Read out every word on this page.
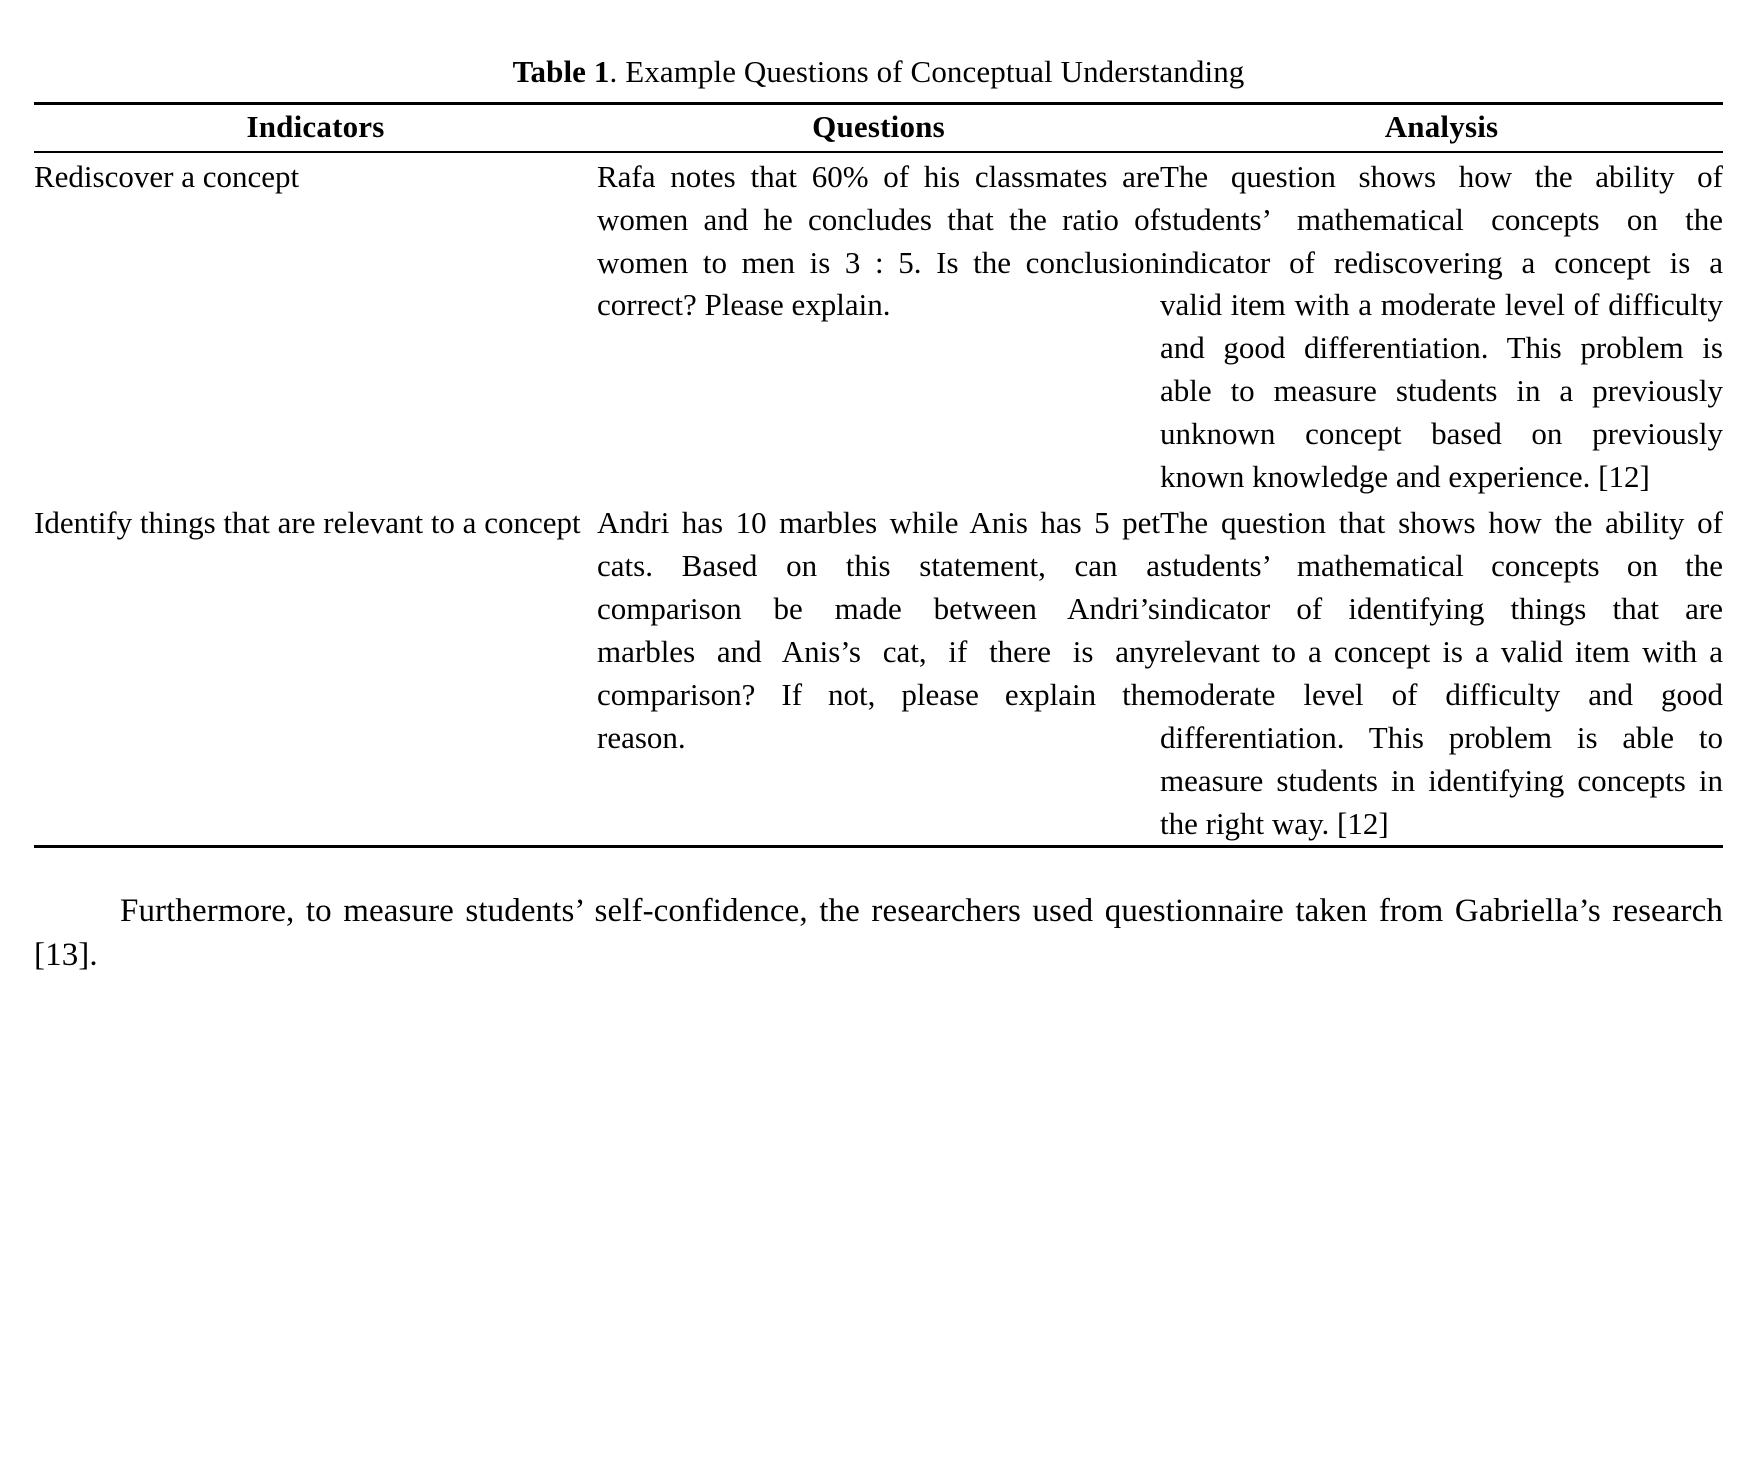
Table 1. Example Questions of Conceptual Understanding
Indicators	Questions	Analysis

Rediscover a concept	Rafa notes that 60% of his classmates are women and he concludes that the ratio of women to men is 3 : 5. Is the conclusion correct? Please explain.	The question shows how the ability of students’ mathematical concepts on the indicator of rediscovering a concept is a valid item with a moderate level of difficulty and good differentiation. This problem is able to measure students in a previously unknown concept based on previously known knowledge and experience. [12]

Identify things that are relevant to a concept	Andri has 10 marbles while Anis has 5 pet cats. Based on this statement, can a comparison be made between Andri’s marbles and Anis’s cat, if there is any comparison? If not, please explain the reason.	The question that shows how the ability of students’ mathematical concepts on the indicator of identifying things that are relevant to a concept is a valid item with a moderate level of difficulty and good differentiation. This problem is able to measure students in identifying concepts in the right way. [12]

Furthermore, to measure students’ self-confidence, the researchers used questionnaire taken from Gabriella’s research [13].
